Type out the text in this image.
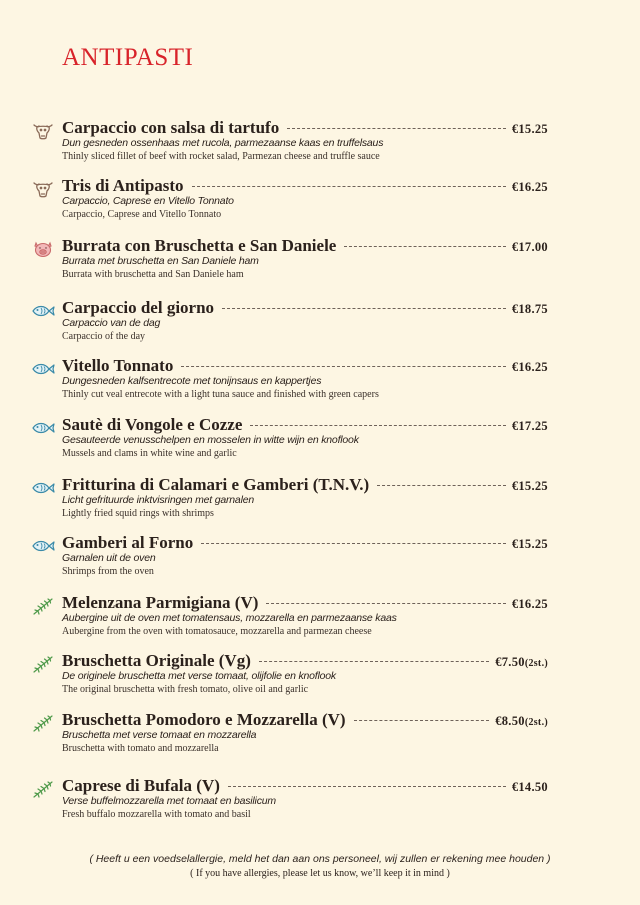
ANTIPASTI
Carpaccio con salsa di tartufo	€15.25
Dun gesneden ossenhaas met rucola, parmezaanse kaas en truffelsaus
Thinly sliced fillet of beef with rocket salad, Parmezan cheese and truffle sauce
Tris di Antipasto	€16.25
Carpaccio, Caprese en Vitello Tonnato
Carpaccio, Caprese and Vitello Tonnato
Burrata con Bruschetta e San Daniele	€17.00
Burrata met bruschetta en San Daniele ham
Burrata with bruschetta and San Daniele ham
Carpaccio del giorno	€18.75
Carpaccio van de dag
Carpaccio of the day
Vitello Tonnato	€16.25
Dungesneden kalfsentrecote met tonijnsaus en kappertjes
Thinly cut veal entrecote with a light tuna sauce and finished with green capers
Sautè di Vongole e Cozze	€17.25
Gesauteerde venusschelpen en mosselen in witte wijn en knoflook
Mussels and clams in white wine and garlic
Fritturina di Calamari e Gamberi (T.N.V.)	€15.25
Licht gefrituurde inktvisringen met garnalen
Lightly fried squid rings with shrimps
Gamberi al Forno	€15.25
Garnalen uit de oven
Shrimps from the oven
Melenzana Parmigiana (V)	€16.25
Aubergine uit de oven met tomatensaus, mozzarella en parmezaanse kaas
Aubergine from the oven with tomatosauce, mozzarella and parmezan cheese
Bruschetta Originale (Vg)	€7.50(2st.)
De originele bruschetta met verse tomaat, olijfolie en knoflook
The original bruschetta with fresh tomato, olive oil and garlic
Bruschetta Pomodoro e Mozzarella (V)	€8.50(2st.)
Bruschetta met verse tomaat en mozzarella
Bruschetta with tomato and mozzarella
Caprese di Bufala (V)	€14.50
Verse buffelmozzarella met tomaat en basilicum
Fresh buffalo mozzarella with tomato and basil
( Heeft u een voedselallergie, meld het dan aan ons personeel, wij zullen er rekening mee houden )
( If you have allergies, please let us know, we’ll keep it in mind )
